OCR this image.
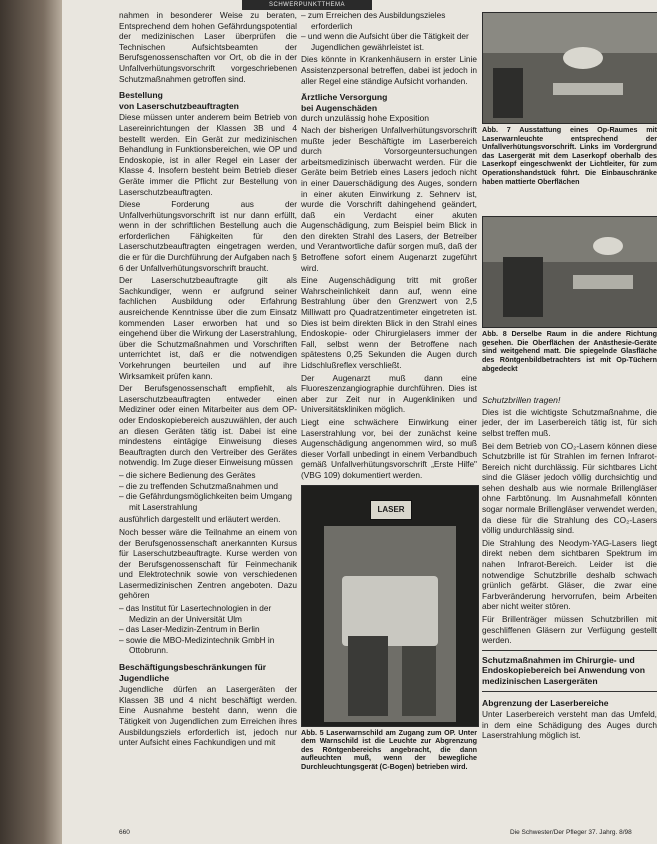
SCHWERPUNKTTHEMA

nahmen in besonderer Weise zu beraten, Entsprechend dem hohen Gefährdungspotential der medizinischen Laser überprüfen die Technischen Aufsichtsbeamten der Berufsgenossenschaften vor Ort, ob die in der Unfallverhütungsvorschrift vorgeschriebenen Schutzmaßnahmen getroffen sind.

Bestellung
von Laserschutzbeauftragten

Diese müssen unter anderem beim Betrieb von Lasereinrichtungen der Klassen 3B und 4 bestellt werden. Ein Gerät zur medizinischen Behandlung in Funktionsbereichen, wie OP und Endoskopie, ist in aller Regel ein Laser der Klasse 4. Insofern besteht beim Betrieb dieser Geräte immer die Pflicht zur Bestellung von Laserschutzbeauftragten.

Diese Forderung aus der Unfallverhütungsvorschrift ist nur dann erfüllt, wenn in der schriftlichen Bestellung auch die erforderlichen Fähigkeiten für den Laserschutzbeauftragten eingetragen werden, die er für die Durchführung der Aufgaben nach § 6 der Unfallverhütungsvorschrift braucht.

Der Laserschutzbeauftragte gilt als Sachkundiger, wenn er aufgrund seiner fachlichen Ausbildung oder Erfahrung ausreichende Kenntnisse über die zum Einsatz kommenden Laser erworben hat und so eingehend über die Wirkung der Laserstrahlung, über die Schutzmaßnahmen und Vorschriften unterrichtet ist, daß er die notwendigen Vorkehrungen beurteilen und auf ihre Wirksamkeit prüfen kann.

Der Berufsgenossenschaft empfiehlt, als Laserschutzbeauftragten entweder einen Mediziner oder einen Mitarbeiter aus dem OP- oder Endoskopiebereich auszuwählen, der auch an diesen Geräten tätig ist. Dabei ist eine mindestens eintägige Einweisung dieses Beauftragten durch den Vertreiber des Gerätes notwendig. Im Zuge dieser Einweisung müssen

– die sichere Bedienung des Gerätes
– die zu treffenden Schutzmaßnahmen und
– die Gefährdungsmöglichkeiten beim Umgang mit Laserstrahlung

ausführlich dargestellt und erläutert werden.

Noch besser wäre die Teilnahme an einem von der Berufsgenossenschaft anerkannten Kursus für Laserschutzbeauftragte. Kurse werden von der Berufsgenossenschaft für Feinmechanik und Elektrotechnik sowie von verschiedenen Lasermedizinischen Zentren angeboten. Dazu gehören

– das Institut für Lasertechnologien in der Medizin an der Universität Ulm
– das Laser-Medizin-Zentrum in Berlin
– sowie die MBO-Medizintechnik GmbH in Ottobrunn.
Beschäftigungsbeschränkungen für Jugendliche

Jugendliche dürfen an Lasergeräten der Klassen 3B und 4 nicht beschäftigt werden. Eine Ausnahme besteht dann, wenn die Tätigkeit von Jugendlichen zum Erreichen ihres Ausbildungsziels erforderlich ist, jedoch nur unter Aufsicht eines Fachkundigen und mit

– zum Erreichen des Ausbildungszieles erforderlich
– und wenn die Aufsicht über die Tätigkeit der Jugendlichen gewährleistet ist.

Dies könnte in Krankenhäusern in erster Linie Assistenzpersonal betreffen, dabei ist jedoch in aller Regel eine ständige Aufsicht vorhanden.

Ärztliche Versorgung
bei Augenschäden
durch unzulässig hohe Exposition

Nach der bisherigen Unfallverhütungsvorschrift mußte jeder Beschäftigte im Laserbereich durch Vorsorgeuntersuchungen arbeitsmedizinisch überwacht werden. Für die Geräte beim Betrieb eines Lasers jedoch nicht in einer Dauerschädigung des Auges, sondern in einer akuten Einwirkung z. Sehnerv ist, wurde die Vorschrift dahingehend geändert, daß ein Verdacht einer akuten Augenschädigung, zum Beispiel beim Blick in den direkten Strahl des Lasers, der Betreiber und Verantwortliche dafür sorgen muß, daß der Betroffene sofort einem Augenarzt zugeführt wird.

Eine Augenschädigung tritt mit großer Wahrscheinlichkeit dann auf, wenn eine Bestrahlung über den Grenzwert von 2,5 Milliwatt pro Quadratzentimeter eingetreten ist. Dies ist beim direkten Blick in den Strahl eines Endoskopie- oder Chirurgielasers immer der Fall, selbst wenn der Betroffene nach spätestens 0,25 Sekunden die Augen durch Lidschlußreflex verschließt.

Der Augenarzt muß dann eine Fluoreszenzangiographie durchführen. Dies ist aber zur Zeit nur in Augenkliniken und Universitätskliniken möglich.

Liegt eine schwächere Einwirkung einer Laserstrahlung vor, bei der zunächst keine Augenschädigung angenommen wird, so muß dieser Vorfall unbedingt in einem Verbandbuch gemäß Unfallverhütungsvorschrift „Erste Hilfe" (VBG 109) dokumentiert werden.

LASER
Abb. 5 Laserwarnschild am Zugang zum OP. Unter dem Warnschild ist die Leuchte zur Abgrenzung des Röntgenbereichs angebracht, die dann aufleuchten muß, wenn der bewegliche Durchleuchtungsgerät (C-Bogen) betrieben wird.
Abb. 7 Ausstattung eines Op-Raumes mit Laserwarnleuchte entsprechend der Unfallverhütungsvorschrift. Links im Vordergrund das Lasergerät mit dem Laserkopf oberhalb des Laserkopf eingeschwenkt der Lichtleiter, für zum Operationshandstück führt. Die Einbauschränke haben mattierte Oberflächen
Abb. 8 Derselbe Raum in die andere Richtung gesehen. Die Oberflächen der Anästhesie-Geräte sind weitgehend matt. Die spiegelnde Glasfläche des Röntgenbildbetrachters ist mit Op-Tüchern abgedeckt
Schutzbrillen tragen!

Dies ist die wichtigste Schutzmaßnahme, die jeder, der im Laserbereich tätig ist, für sich selbst treffen muß.

Bei dem Betrieb von CO₂-Lasern können diese Schutzbrille ist für Strahlen im fernen Infrarot-Bereich nicht durchlässig. Für sichtbares Licht sind die Gläser jedoch völlig durchsichtig und sehen deshalb aus wie normale Brillengläser ohne Farbtönung. Im Ausnahmefall könnten sogar normale Brillengläser verwendet werden, da diese für die Strahlung des CO₂-Lasers völlig undurchlässig sind.

Die Strahlung des Neodym-YAG-Lasers liegt direkt neben dem sichtbaren Spektrum im nahen Infrarot-Bereich. Leider ist die notwendige Schutzbrille deshalb schwach grünlich gefärbt. Gläser, die zwar eine Farbveränderung hervorrufen, beim Arbeiten aber nicht weiter stören.

Für Brillenträger müssen Schutzbrillen mit geschliffenen Gläsern zur Verfügung gestellt werden.

Schutzmaßnahmen im Chirurgie- und Endoskopiebereich bei Anwendung von medizinischen Lasergeräten
Abgrenzung der Laserbereiche

Unter Laserbereich versteht man das Umfeld, in dem eine Schädigung des Auges durch Laserstrahlung möglich ist.

660	Die Schwester/Der Pfleger 37. Jahrg. 8/98
